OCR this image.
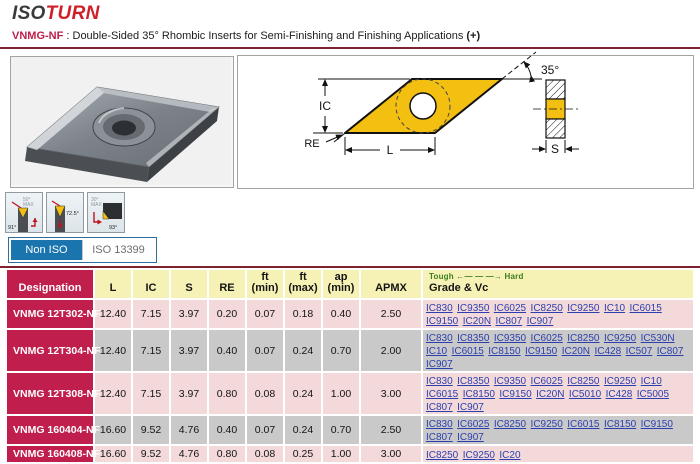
ISOTURN
VNMG-NF : Double-Sided 35° Rhombic Inserts for Semi-Finishing and Finishing Applications (+)
35°
IC
RE	L	S
50°
MAX
91°
72.5°
30°
MAX
93°
Non ISO	ISO 13399
Designation	L	IC	S	RE

ft
(min)

ft
(max)

ap
(min)	APMX

Tough ←— — —→ Hard
Grade & Vc

VNMG 12T302-NF	12.40	7.15	3.97	0.20	0.07	0.18	0.40	2.50	IC830 IC9350 IC6025 IC8250 IC9250 IC10 IC6015 IC9150 IC20N IC807 IC907
VNMG 12T304-NF	12.40	7.15	3.97	0.40	0.07	0.24	0.70	2.00	IC830 IC8350 IC9350 IC6025 IC8250 IC9250 IC530N IC10 IC6015 IC8150 IC9150 IC20N IC428 IC507 IC807 IC907
VNMG 12T308-NF	12.40	7.15	3.97	0.80	0.08	0.24	1.00	3.00	IC830 IC8350 IC9350 IC6025 IC8250 IC9250 IC10 IC6015 IC8150 IC9150 IC20N IC5010 IC428 IC5005 IC807 IC907
VNMG 160404-NF	16.60	9.52	4.76	0.40	0.07	0.24	0.70	2.50	IC830 IC6025 IC8250 IC9250 IC6015 IC8150 IC9150 IC807 IC907
VNMG 160408-NF	16.60	9.52	4.76	0.80	0.08	0.25	1.00	3.00	IC8250 IC9250 IC20
